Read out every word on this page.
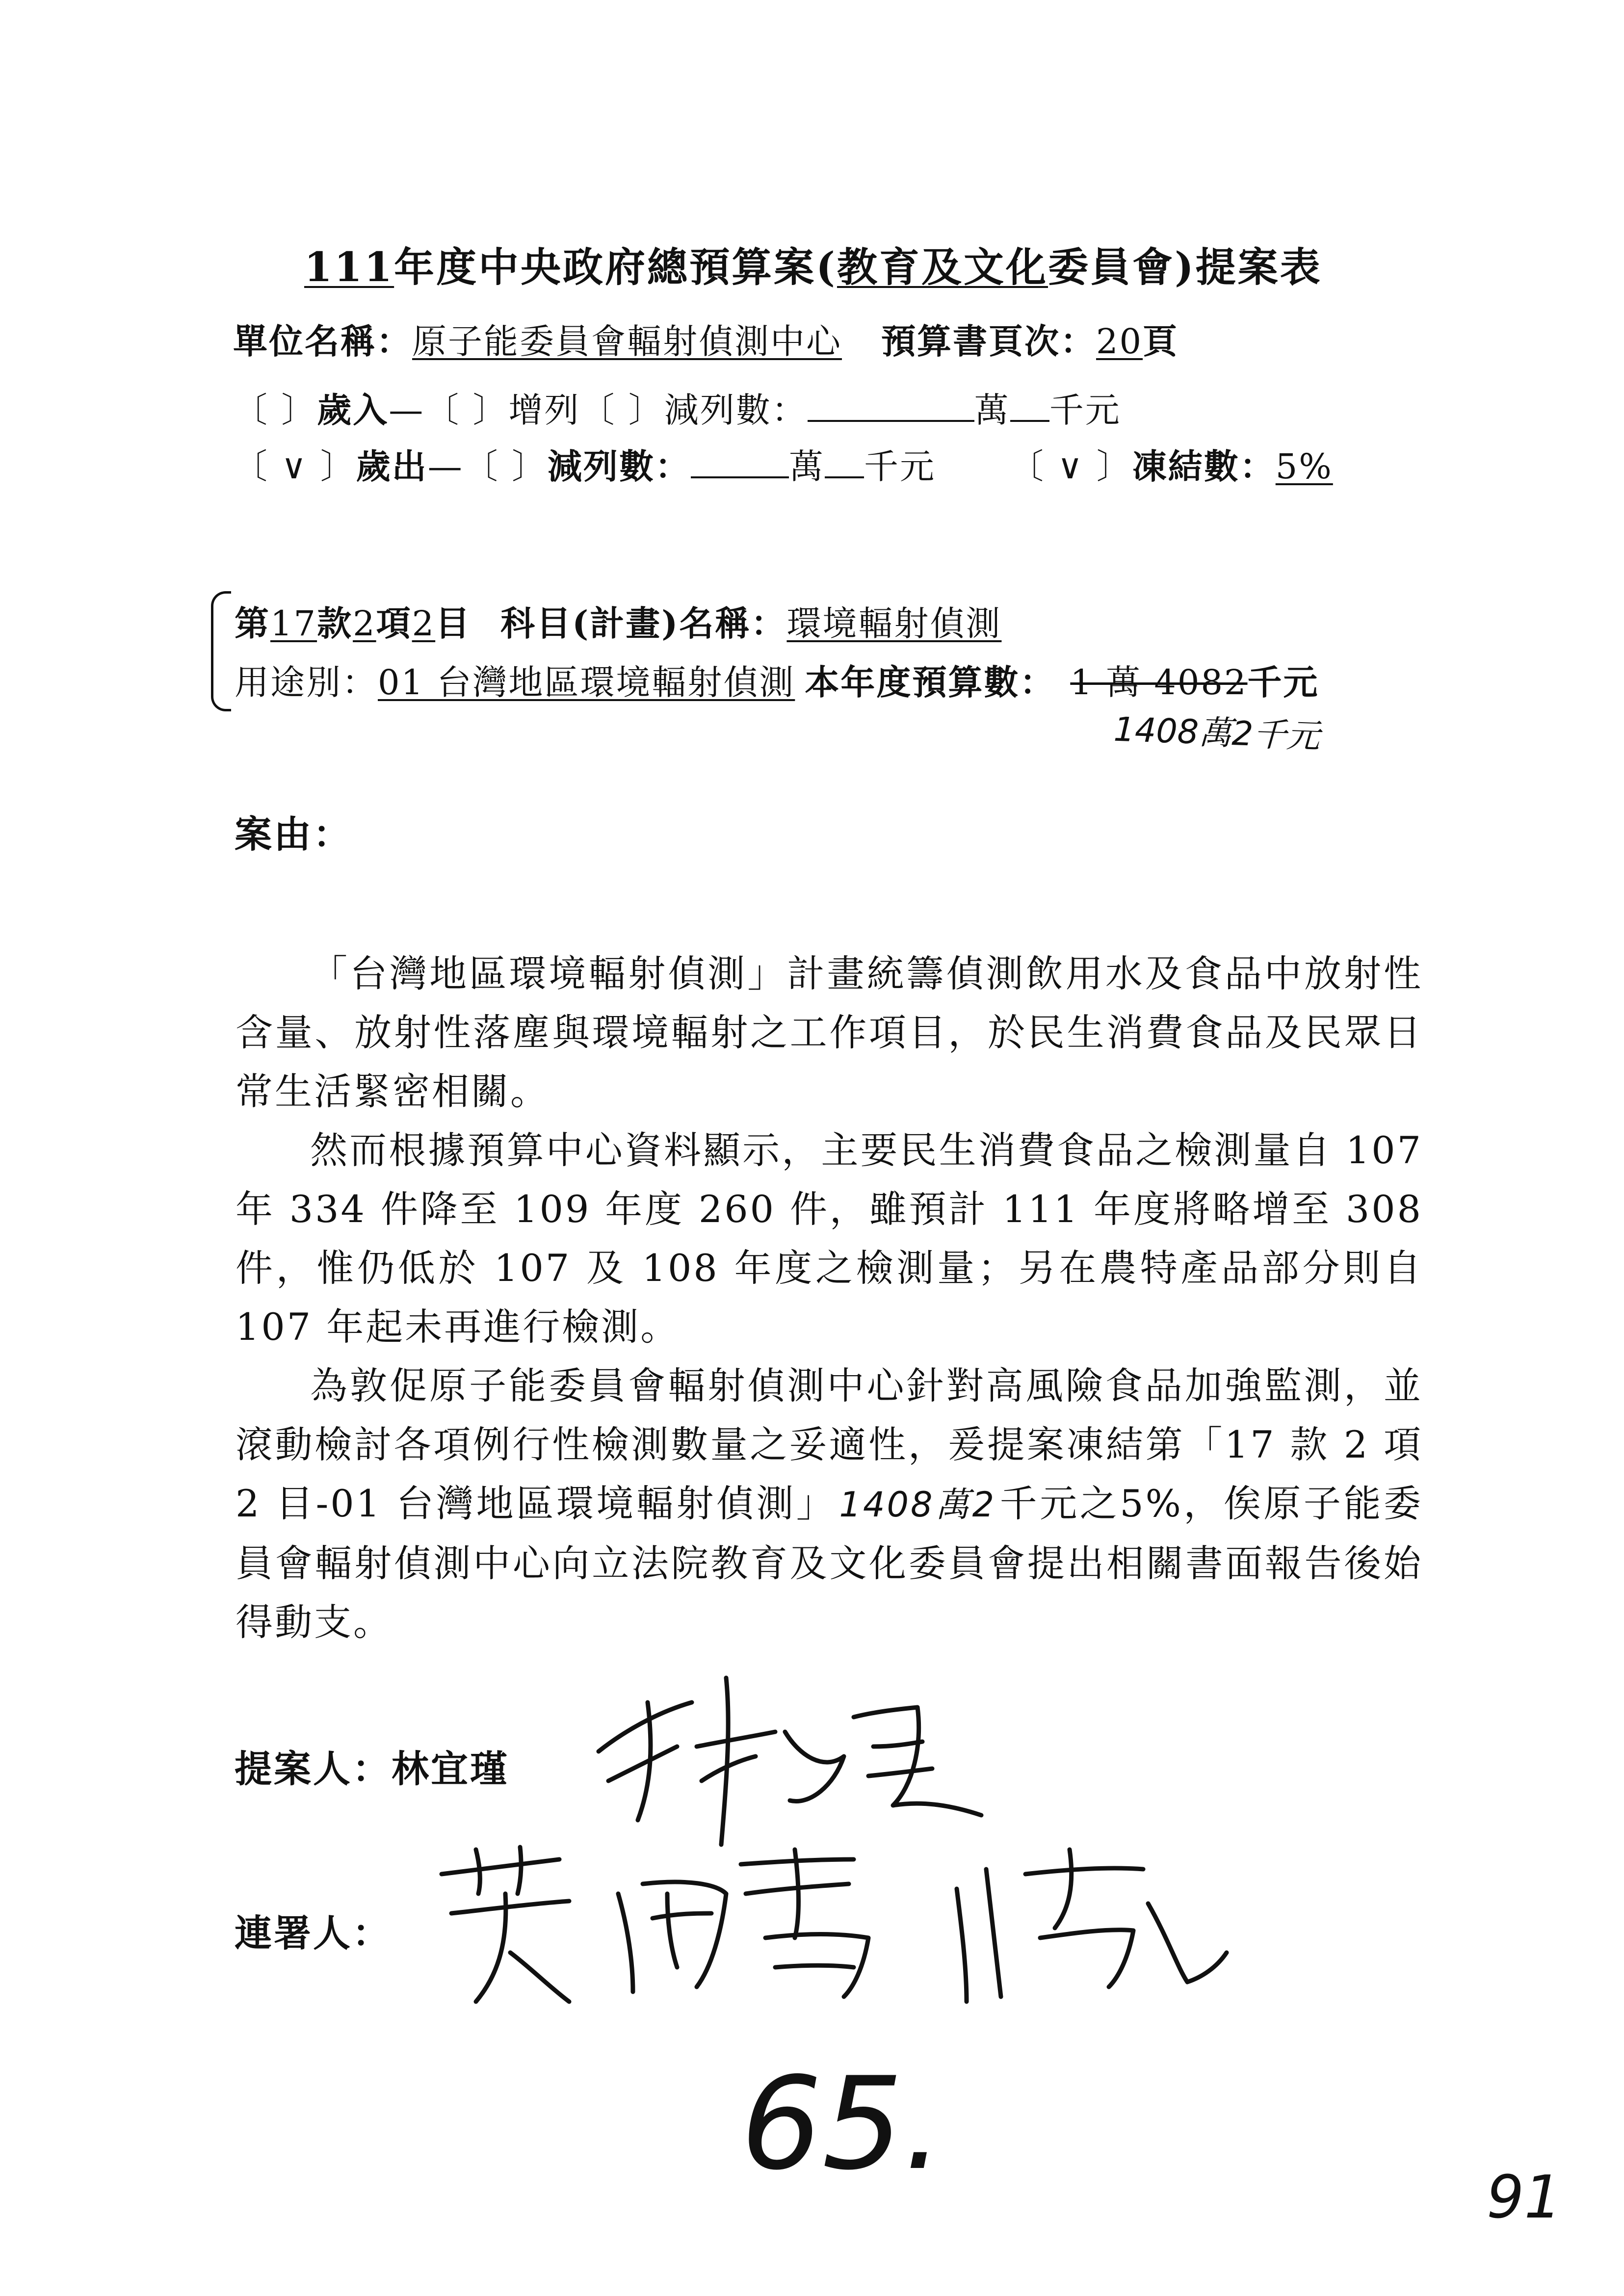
111年度中央政府總預算案(教育及文化委員會)提案表
單位名稱：原子能委員會輻射偵測中心 預算書頁次：20頁
〔 〕歲入—〔 〕增列〔 〕減列數：	萬 千元
〔 ∨ 〕歲出—〔 〕減列數：	萬 千元 〔 ∨ 〕凍結數：5%
第17款2項2目 科目(計畫)名稱：環境輻射偵測
用途別：01 台灣地區環境輻射偵測 本年度預算數： 1 萬 4082千元
1408萬2千元
案由：

「台灣地區環境輻射偵測」計畫統籌偵測飲用水及食品中放射性含量、放射性落塵與環境輻射之工作項目，於民生消費食品及民眾日常生活緊密相關。

然而根據預算中心資料顯示，主要民生消費食品之檢測量自 107 年 334 件降至 109 年度 260 件，雖預計 111 年度將略增至 308 件，惟仍低於 107 及 108 年度之檢測量；另在農特產品部分則自 107 年起未再進行檢測。

為敦促原子能委員會輻射偵測中心針對高風險食品加強監測，並滾動檢討各項例行性檢測數量之妥適性，爰提案凍結第「17 款 2 項 2 目-01 台灣地區環境輻射偵測」1408萬2千元之5%，俟原子能委員會輻射偵測中心向立法院教育及文化委員會提出相關書面報告後始得動支。

提案人：林宜瑾
連署人：
65.	91
